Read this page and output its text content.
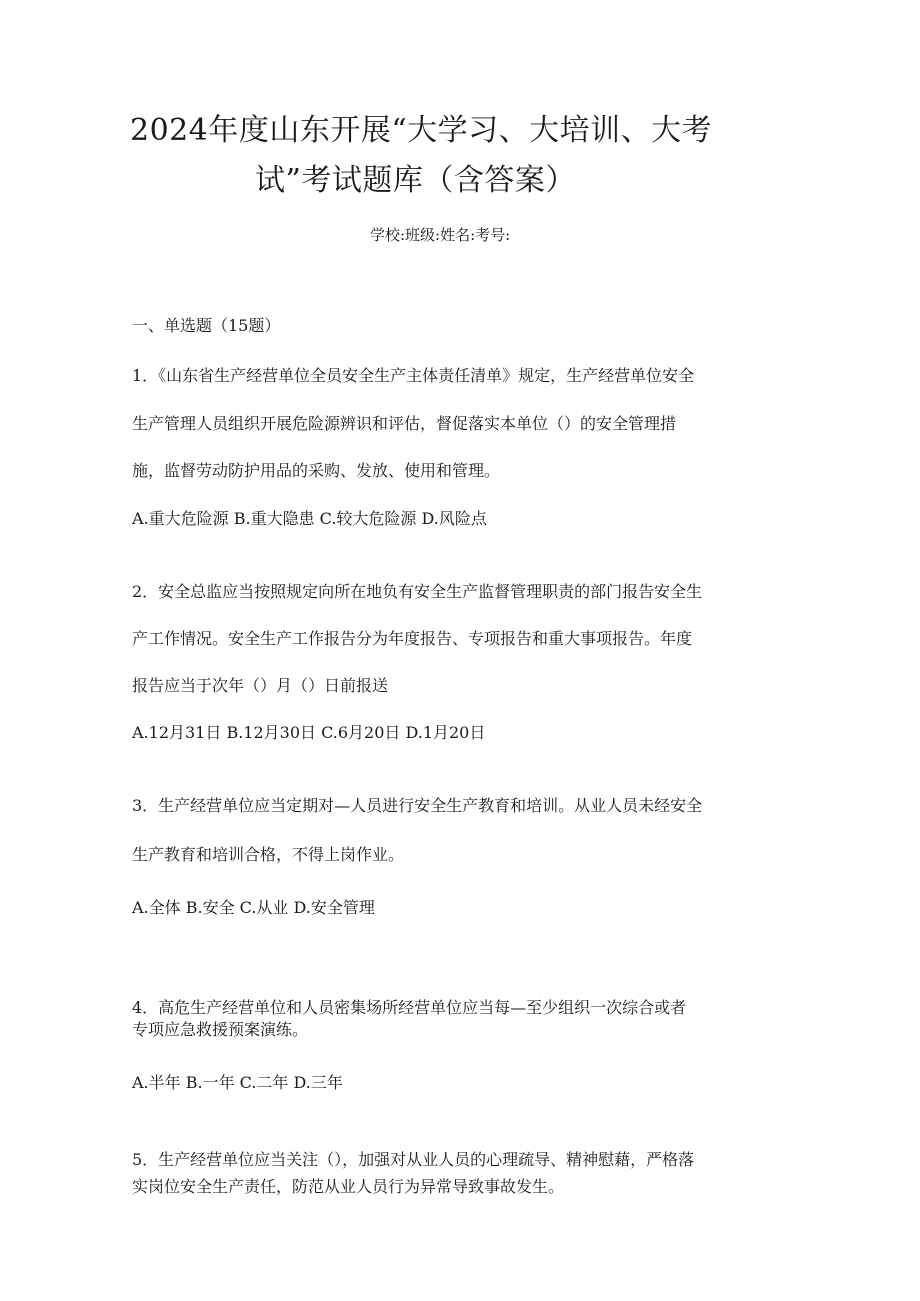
2024年度山东开展“大学习、大培训、大考
试”考试题库（含答案）
学校:班级:姓名:考号:
一、单选题（15题）
1．《山东省生产经营单位全员安全生产主体责任清单》规定，生产经营单位安全
生产管理人员组织开展危险源辨识和评估，督促落实本单位（）的安全管理措
施，监督劳动防护用品的采购、发放、使用和管理。
A.重大危险源 B.重大隐患 C.较大危险源 D.风险点
2．安全总监应当按照规定向所在地负有安全生产监督管理职责的部门报告安全生
产工作情况。安全生产工作报告分为年度报告、专项报告和重大事项报告。年度
报告应当于次年（）月（）日前报送
A.12月31日 B.12月30日 C.6月20日 D.1月20日
3．生产经营单位应当定期对—人员进行安全生产教育和培训。从业人员未经安全
生产教育和培训合格，不得上岗作业。
A.全体 B.安全 C.从业 D.安全管理
4．高危生产经营单位和人员密集场所经营单位应当每—至少组织一次综合或者
专项应急救援预案演练。
A.半年 B.一年 C.二年 D.三年
5．生产经营单位应当关注（），加强对从业人员的心理疏导、精神慰藉，严格落
实岗位安全生产责任，防范从业人员行为异常导致事故发生。
